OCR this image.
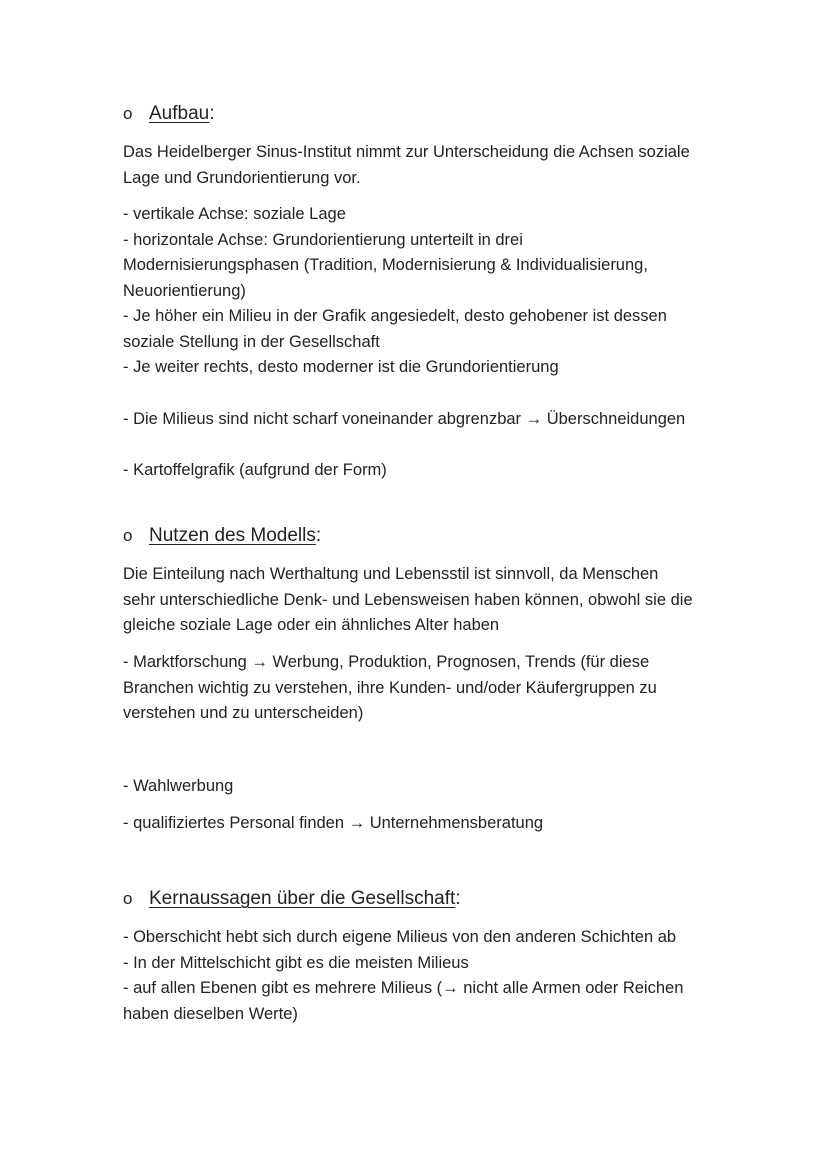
o Aufbau:
Das Heidelberger Sinus-Institut nimmt zur Unterscheidung die Achsen soziale
Lage und Grundorientierung vor.
- vertikale Achse: soziale Lage
- horizontale Achse: Grundorientierung unterteilt in drei
Modernisierungsphasen (Tradition, Modernisierung & Individualisierung,
Neuorientierung)
- Je höher ein Milieu in der Grafik angesiedelt, desto gehobener ist dessen
soziale Stellung in der Gesellschaft
- Je weiter rechts, desto moderner ist die Grundorientierung
- Die Milieus sind nicht scharf voneinander abgrenzbar → Überschneidungen
- Kartoffelgrafik (aufgrund der Form)
o Nutzen des Modells:
Die Einteilung nach Werthaltung und Lebensstil ist sinnvoll, da Menschen
sehr unterschiedliche Denk- und Lebensweisen haben können, obwohl sie die
gleiche soziale Lage oder ein ähnliches Alter haben
- Marktforschung → Werbung, Produktion, Prognosen, Trends (für diese
Branchen wichtig zu verstehen, ihre Kunden- und/oder Käufergruppen zu
verstehen und zu unterscheiden)
- Wahlwerbung
- qualifiziertes Personal finden → Unternehmensberatung
o Kernaussagen über die Gesellschaft:
- Oberschicht hebt sich durch eigene Milieus von den anderen Schichten ab
- In der Mittelschicht gibt es die meisten Milieus
- auf allen Ebenen gibt es mehrere Milieus (→ nicht alle Armen oder Reichen
haben dieselben Werte)
